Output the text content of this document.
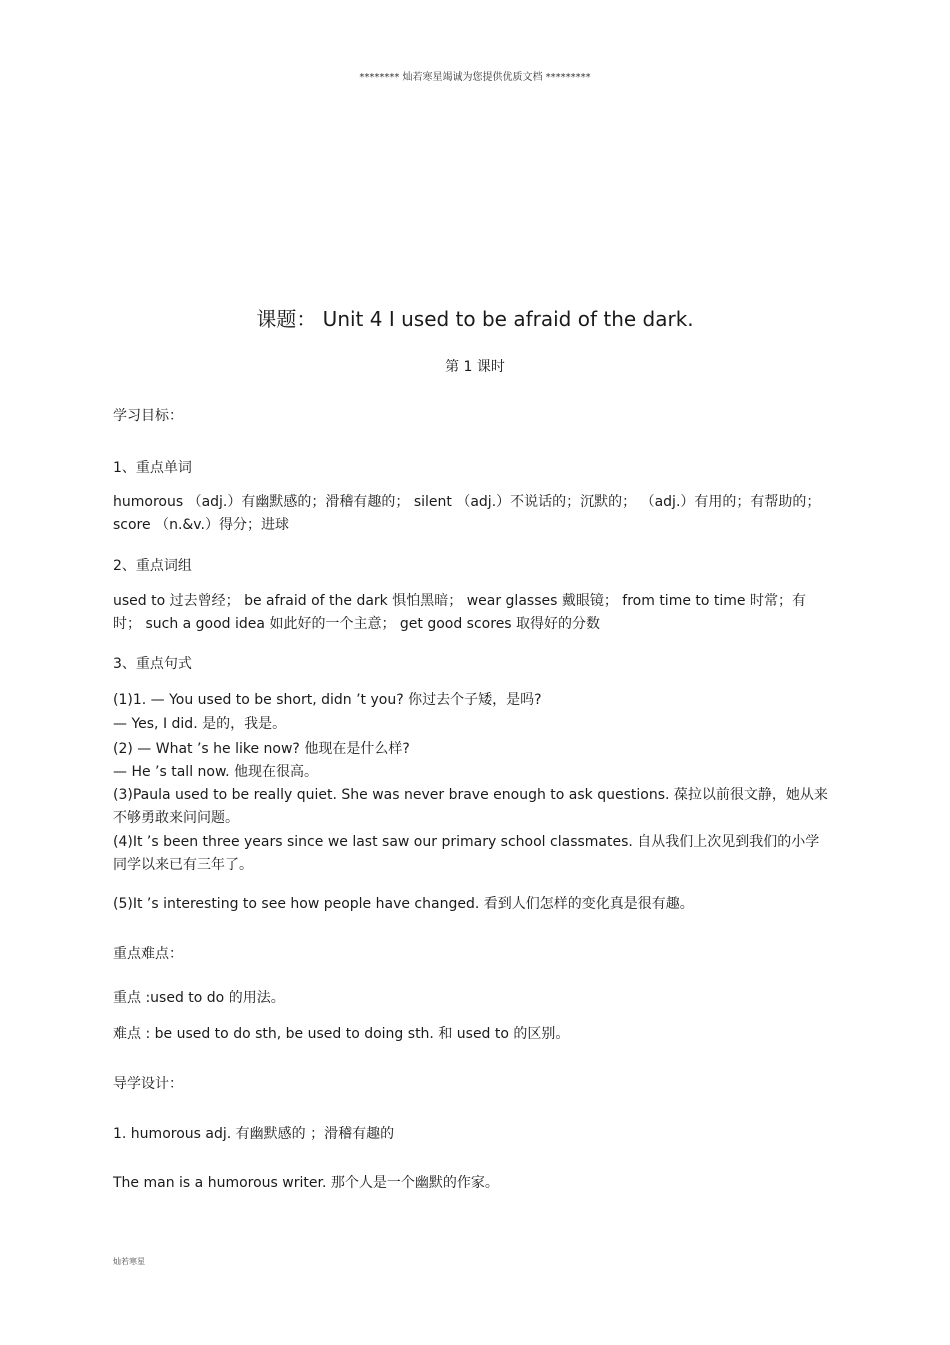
******** 灿若寒星竭诚为您提供优质文档 *********
课题： Unit 4 I used to be afraid of the dark.
第 1 课时
学习目标：
1、重点单词
humorous （adj.）有幽默感的；滑稽有趣的； silent （adj.）不说话的；沉默的； （adj.）有用的；有帮助的； score （n.&v.）得分；进球
2、重点词组
used to 过去曾经； be afraid of the dark 惧怕黑暗； wear glasses 戴眼镜； from time to time 时常；有时； such a good idea 如此好的一个主意； get good scores 取得好的分数
3、重点句式
(1)1. — You used to be short, didn ’t you? 你过去个子矮，是吗?
— Yes, I did. 是的，我是。
(2) — What ’s he like now? 他现在是什么样?
— He ’s tall now. 他现在很高。
(3)Paula used to be really quiet. She was never brave enough to ask questions. 葆拉以前很文静，她从来不够勇敢来问问题。
(4)It ’s been three years since we last saw our primary school classmates. 自从我们上次见到我们的小学同学以来已有三年了。
(5)It ’s interesting to see how people have changed. 看到人们怎样的变化真是很有趣。
重点难点：
重点 :used to do 的用法。
难点 : be used to do sth, be used to doing sth. 和 used to 的区别。
导学设计：
1. humorous adj. 有幽默感的 ；滑稽有趣的
The man is a humorous writer. 那个人是一个幽默的作家。
灿若寒星
